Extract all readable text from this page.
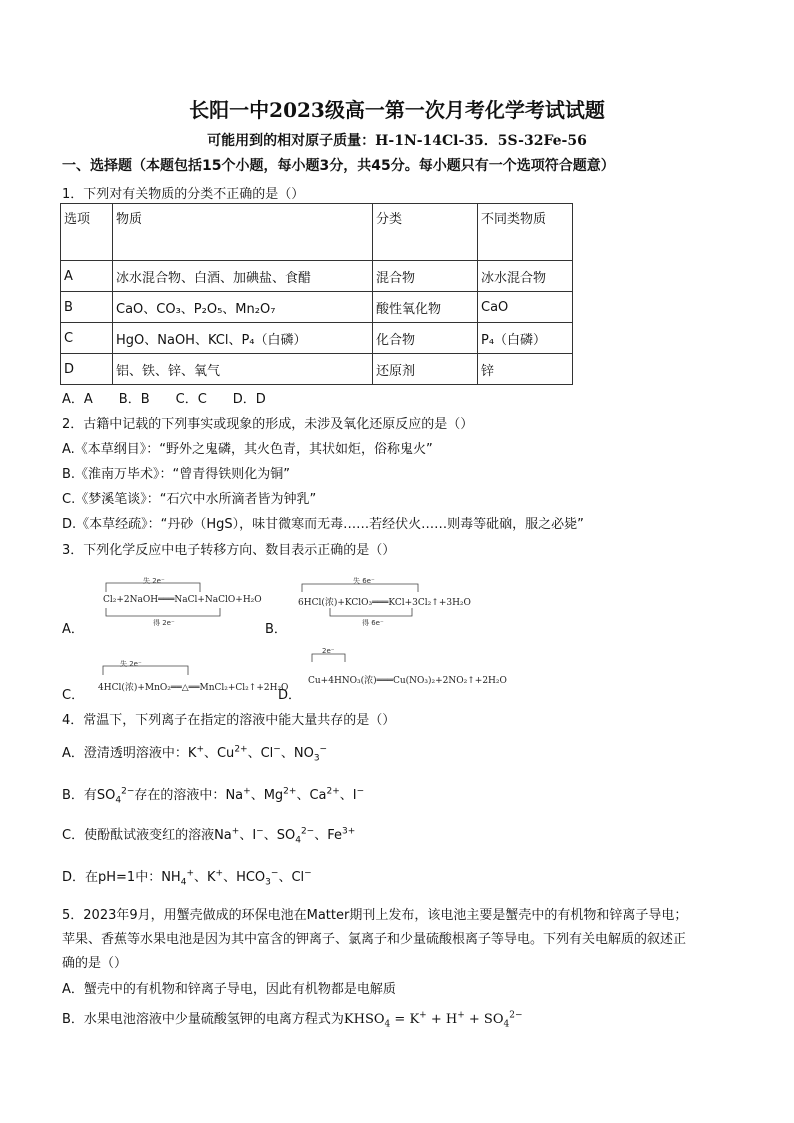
长阳一中2023级高一第一次月考化学考试试题
可能用到的相对原子质量：H-1N-14Cl-35．5S-32Fe-56
一、选择题（本题包括15个小题，每小题3分，共45分。每小题只有一个选项符合题意）
1．下列对有关物质的分类不正确的是（）
选项	物质	分类	不同类物质
A	冰水混合物、白酒、加碘盐、食醋	混合物	冰水混合物
B	CaO、CO₃、P₂O₅、Mn₂O₇	酸性氧化物	CaO
C	HgO、NaOH、KCl、P₄（白磷）	化合物	P₄（白磷）
D	铝、铁、锌、氧气	还原剂	锌
A．A　　B．B　　C．C　　D．D
2．古籍中记载的下列事实或现象的形成，未涉及氧化还原反应的是（）
A.《本草纲目》：“野外之鬼磷，其火色青，其状如炬，俗称鬼火”
B.《淮南万毕术》：“曾青得铁则化为铜”
C.《梦溪笔谈》：“石穴中水所滴者皆为钟乳”
D.《本草经疏》：“丹砂（HgS），味甘微寒而无毒……若经伏火……则毒等砒硇，服之必毙”
3．下列化学反应中电子转移方向、数目表示正确的是（）
失 2e⁻
Cl₂+2NaOH═══NaCl+NaClO+H₂O
得 2e⁻
A．
失 6e⁻
6HCl(浓)+KClO₃═══KCl+3Cl₂↑+3H₂O
得 6e⁻
B．
失 2e⁻
4HCl(浓)+MnO₂══△══MnCl₂+Cl₂↑+2H₂O
C．
2e⁻
Cu+4HNO₃(浓)═══Cu(NO₃)₂+2NO₂↑+2H₂O
D．
4．常温下，下列离子在指定的溶液中能大量共存的是（）
A．澄清透明溶液中：K+、$Cu^{2+}$、Cl−、$NO_3^-$
B．有$SO_4^{2-}$存在的溶液中：Na+、$Mg^{2+}$、$Ca^{2+}$、I−
C．使酚酞试液变红的溶液Na+、I−、$SO_4^{2-}$、$Fe^{3+}$
D．在pH=1中：$NH_4^+$、K+、$HCO_3^-$、Cl−
5．2023年9月，用蟹壳做成的环保电池在Matter期刊上发布，该电池主要是蟹壳中的有机物和锌离子导电；
苹果、香蕉等水果电池是因为其中富含的钾离子、氯离子和少量硫酸根离子等导电。下列有关电解质的叙述正
确的是（）
A．蟹壳中的有机物和锌离子导电，因此有机物都是电解质
B．水果电池溶液中少量硫酸氢钾的电离方程式为$KHSO_4 = K^+ + H^+ + SO_4^{2-}$
